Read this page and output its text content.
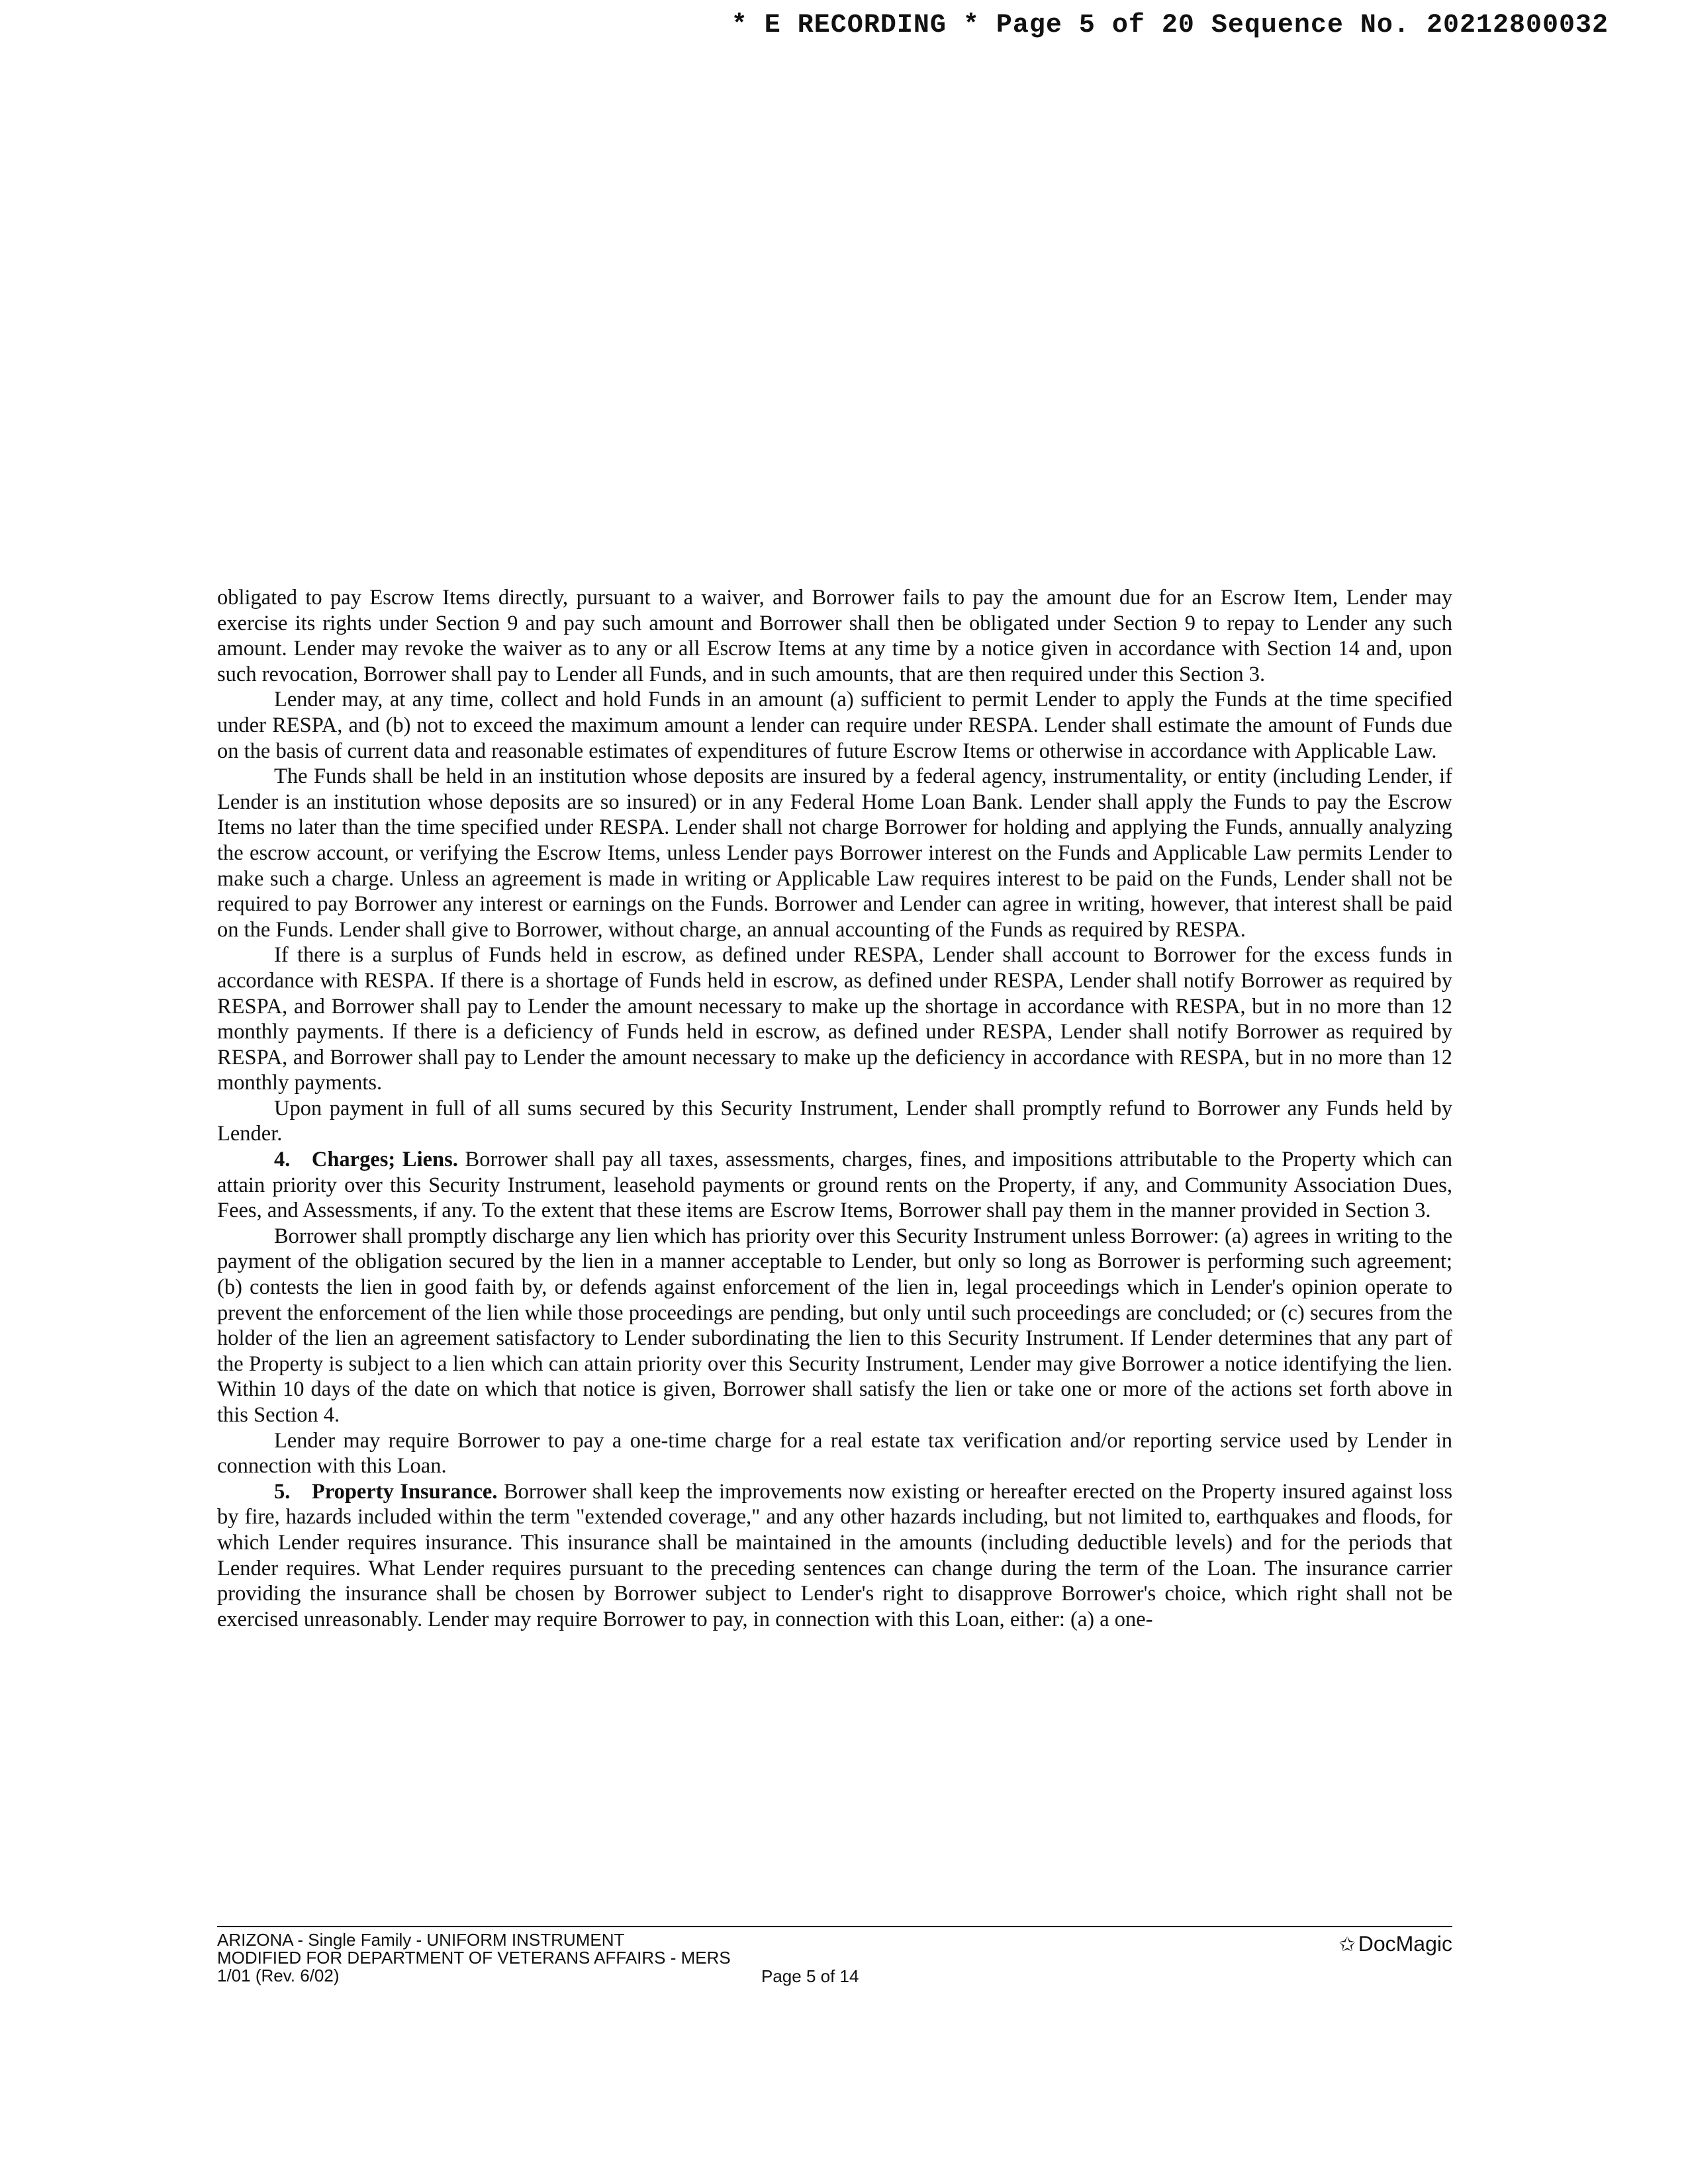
* E RECORDING * Page 5 of 20 Sequence No. 20212800032

obligated to pay Escrow Items directly, pursuant to a waiver, and Borrower fails to pay the amount due for an Escrow Item, Lender may exercise its rights under Section 9 and pay such amount and Borrower shall then be obligated under Section 9 to repay to Lender any such amount. Lender may revoke the waiver as to any or all Escrow Items at any time by a notice given in accordance with Section 14 and, upon such revocation, Borrower shall pay to Lender all Funds, and in such amounts, that are then required under this Section 3.

Lender may, at any time, collect and hold Funds in an amount (a) sufficient to permit Lender to apply the Funds at the time specified under RESPA, and (b) not to exceed the maximum amount a lender can require under RESPA. Lender shall estimate the amount of Funds due on the basis of current data and reasonable estimates of expenditures of future Escrow Items or otherwise in accordance with Applicable Law.

The Funds shall be held in an institution whose deposits are insured by a federal agency, instrumentality, or entity (including Lender, if Lender is an institution whose deposits are so insured) or in any Federal Home Loan Bank. Lender shall apply the Funds to pay the Escrow Items no later than the time specified under RESPA. Lender shall not charge Borrower for holding and applying the Funds, annually analyzing the escrow account, or verifying the Escrow Items, unless Lender pays Borrower interest on the Funds and Applicable Law permits Lender to make such a charge. Unless an agreement is made in writing or Applicable Law requires interest to be paid on the Funds, Lender shall not be required to pay Borrower any interest or earnings on the Funds. Borrower and Lender can agree in writing, however, that interest shall be paid on the Funds. Lender shall give to Borrower, without charge, an annual accounting of the Funds as required by RESPA.

If there is a surplus of Funds held in escrow, as defined under RESPA, Lender shall account to Borrower for the excess funds in accordance with RESPA. If there is a shortage of Funds held in escrow, as defined under RESPA, Lender shall notify Borrower as required by RESPA, and Borrower shall pay to Lender the amount necessary to make up the shortage in accordance with RESPA, but in no more than 12 monthly payments. If there is a deficiency of Funds held in escrow, as defined under RESPA, Lender shall notify Borrower as required by RESPA, and Borrower shall pay to Lender the amount necessary to make up the deficiency in accordance with RESPA, but in no more than 12 monthly payments.

Upon payment in full of all sums secured by this Security Instrument, Lender shall promptly refund to Borrower any Funds held by Lender.

4. Charges; Liens. Borrower shall pay all taxes, assessments, charges, fines, and impositions attributable to the Property which can attain priority over this Security Instrument, leasehold payments or ground rents on the Property, if any, and Community Association Dues, Fees, and Assessments, if any. To the extent that these items are Escrow Items, Borrower shall pay them in the manner provided in Section 3.

Borrower shall promptly discharge any lien which has priority over this Security Instrument unless Borrower: (a) agrees in writing to the payment of the obligation secured by the lien in a manner acceptable to Lender, but only so long as Borrower is performing such agreement; (b) contests the lien in good faith by, or defends against enforcement of the lien in, legal proceedings which in Lender's opinion operate to prevent the enforcement of the lien while those proceedings are pending, but only until such proceedings are concluded; or (c) secures from the holder of the lien an agreement satisfactory to Lender subordinating the lien to this Security Instrument. If Lender determines that any part of the Property is subject to a lien which can attain priority over this Security Instrument, Lender may give Borrower a notice identifying the lien. Within 10 days of the date on which that notice is given, Borrower shall satisfy the lien or take one or more of the actions set forth above in this Section 4.

Lender may require Borrower to pay a one-time charge for a real estate tax verification and/or reporting service used by Lender in connection with this Loan.

5. Property Insurance. Borrower shall keep the improvements now existing or hereafter erected on the Property insured against loss by fire, hazards included within the term "extended coverage," and any other hazards including, but not limited to, earthquakes and floods, for which Lender requires insurance. This insurance shall be maintained in the amounts (including deductible levels) and for the periods that Lender requires. What Lender requires pursuant to the preceding sentences can change during the term of the Loan. The insurance carrier providing the insurance shall be chosen by Borrower subject to Lender's right to disapprove Borrower's choice, which right shall not be exercised unreasonably. Lender may require Borrower to pay, in connection with this Loan, either: (a) a one-

ARIZONA - Single Family - UNIFORM INSTRUMENT
MODIFIED FOR DEPARTMENT OF VETERANS AFFAIRS - MERS
1/01 (Rev. 6/02)	Page 5 of 14
✩ DocMagic
